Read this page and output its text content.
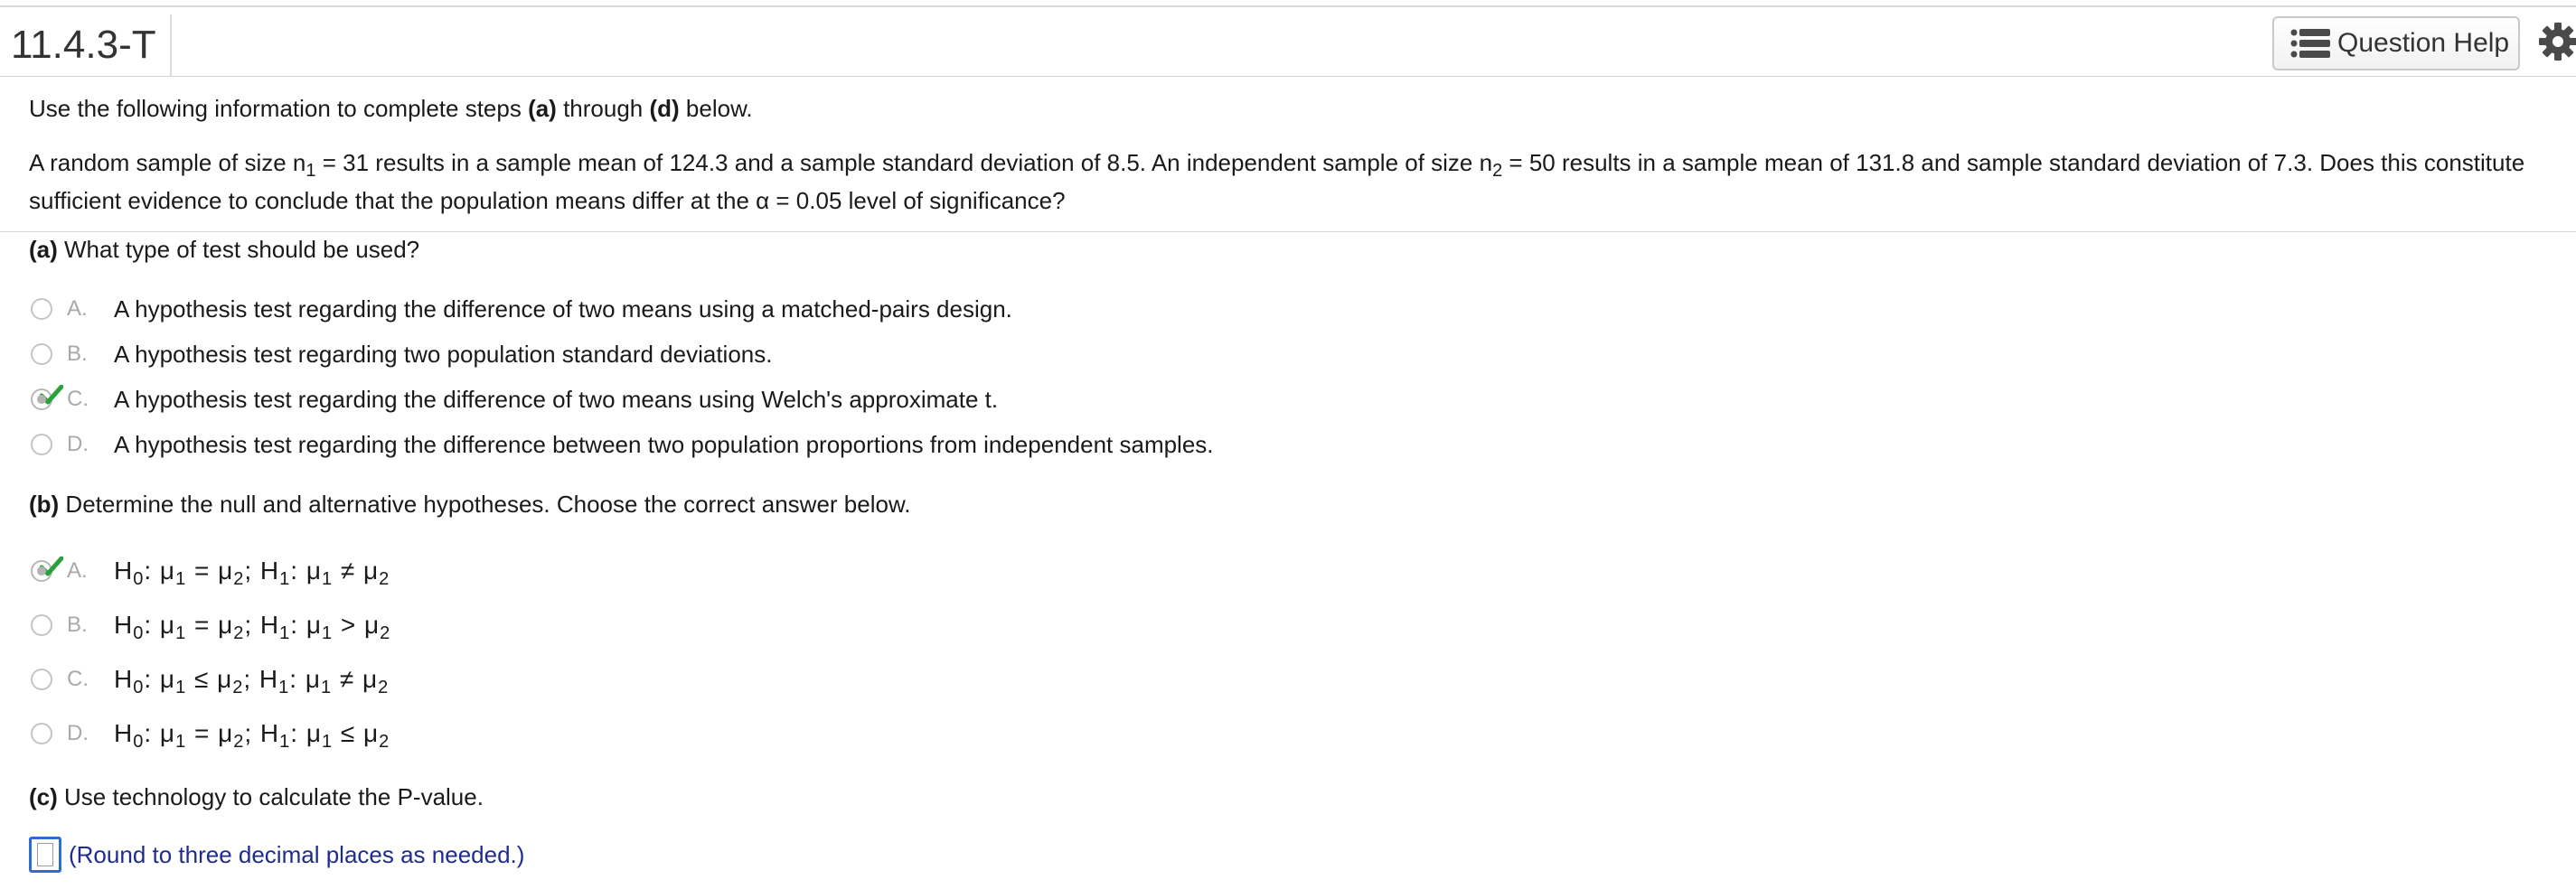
11.4.3-T	Question Help
Use the following information to complete steps (a) through (d) below.
A random sample of size $n_1 = 31$ results in a sample mean of 124.3 and a sample standard deviation of 8.5. An independent sample of size $n_2 = 50$ results in a sample mean of 131.8 and sample standard deviation of 7.3. Does this constitute
sufficient evidence to conclude that the population means differ at the α = 0.05 level of significance?
(a) What type of test should be used?
A.	A hypothesis test regarding the difference of two means using a matched-pairs design.
B.	A hypothesis test regarding two population standard deviations.
C.	A hypothesis test regarding the difference of two means using Welch's approximate t.
D.	A hypothesis test regarding the difference between two population proportions from independent samples.
(b) Determine the null and alternative hypotheses. Choose the correct answer below.
A.	$H_0$: $\mu_1 = \mu_2$; $H_1$: $\mu_1 \ne \mu_2$
B.	$H_0$: $\mu_1 = \mu_2$; $H_1$: $\mu_1 > \mu_2$
C. $H_0$: $\mu_1 \le \mu_2$; $H_1$: $\mu_1 \ne \mu_2$
D. $H_0$: $\mu_1 = \mu_2$; $H_1$: $\mu_1 \le \mu_2$
(c) Use technology to calculate the P-value.
(Round to three decimal places as needed.)
